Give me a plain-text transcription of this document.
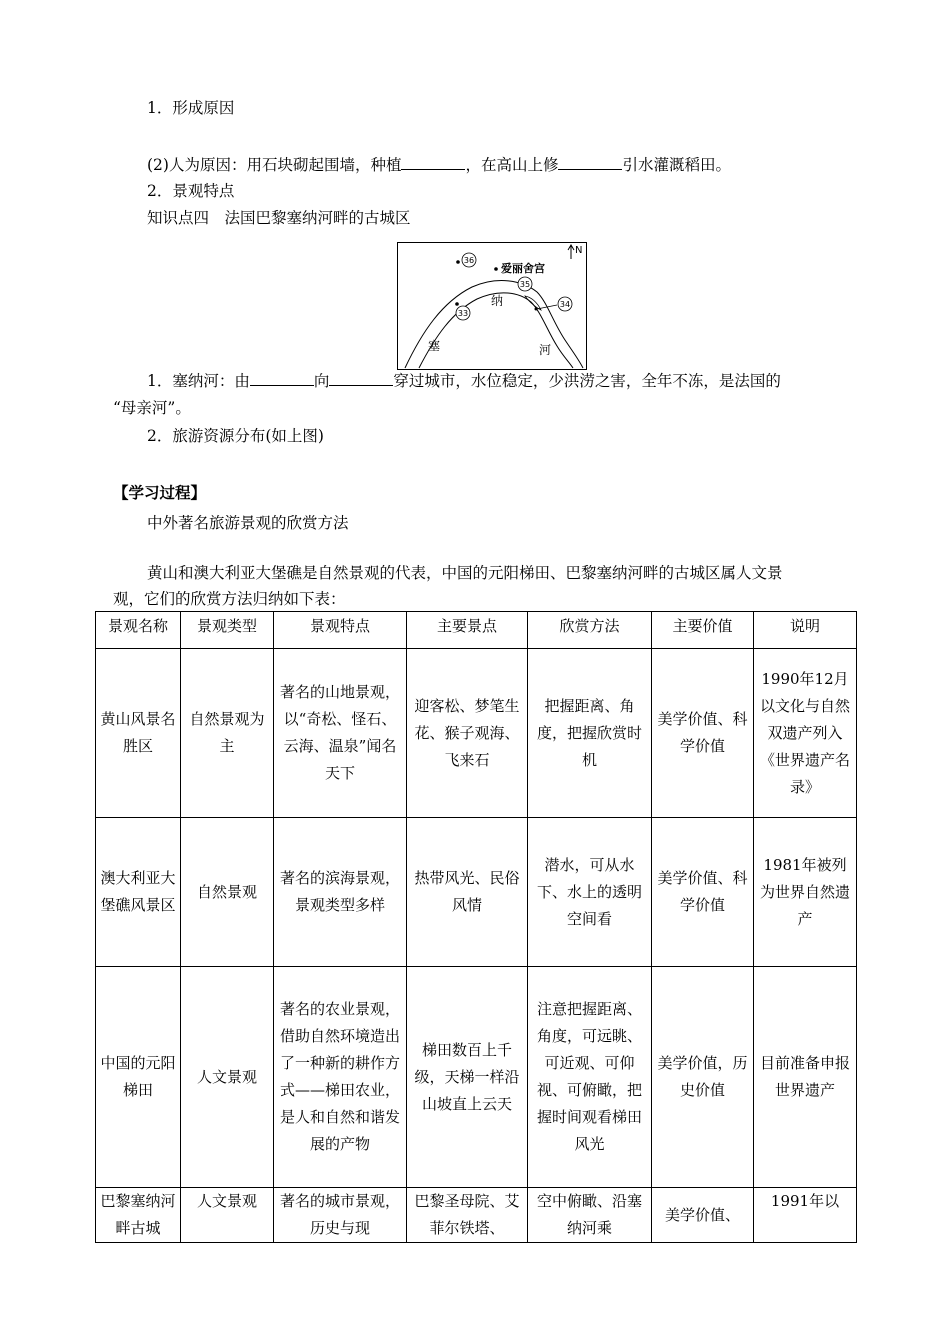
1．形成原因
(2)人为原因：用石块砌起围墙，种植	，在高山上修	引水灌溉稻田。
2．景观特点
知识点四　法国巴黎塞纳河畔的古城区
N
36
爱丽舍宫
35
34
33
纳
塞	河
1．塞纳河：由	向	穿过城市，水位稳定，少洪涝之害，全年不冻，是法国的
“母亲河”。
2．旅游资源分布(如上图)
【学习过程】
中外著名旅游景观的欣赏方法
黄山和澳大利亚大堡礁是自然景观的代表，中国的元阳梯田、巴黎塞纳河畔的古城区属人文景
观，它们的欣赏方法归纳如下表：
景观名称	景观类型	景观特点	主要景点	欣赏方法	主要价值	说明
黄山风景名胜区	自然景观为主	著名的山地景观，以“奇松、怪石、云海、温泉”闻名天下	迎客松、梦笔生花、猴子观海、飞来石	把握距离、角度，把握欣赏时机	美学价值、科学价值	1990年12月以文化与自然双遗产列入《世界遗产名录》
澳大利亚大堡礁风景区	自然景观	著名的滨海景观，景观类型多样	热带风光、民俗风情	潜水，可从水下、水上的透明空间看	美学价值、科学价值	1981年被列为世界自然遗产
中国的元阳梯田	人文景观	著名的农业景观，借助自然环境造出了一种新的耕作方式——梯田农业，是人和自然和谐发展的产物	梯田数百上千级，天梯一样沿山坡直上云天	注意把握距离、角度，可远眺、可近观、可仰视、可俯瞰，把握时间观看梯田风光	美学价值，历史价值	目前准备申报世界遗产
巴黎塞纳河畔古城	人文景观	著名的城市景观，历史与现	巴黎圣母院、艾菲尔铁塔、	空中俯瞰、沿塞纳河乘	美学价值、	1991年以
